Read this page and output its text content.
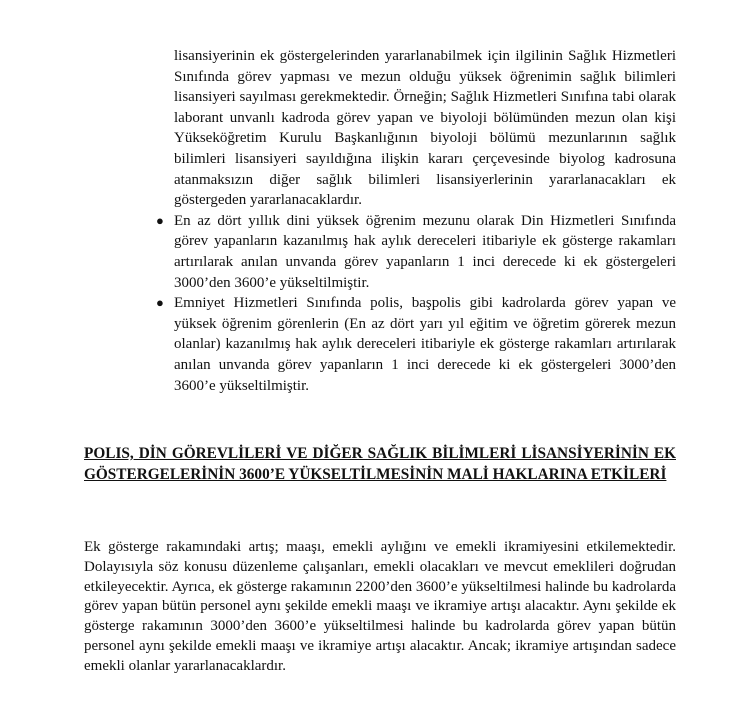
lisansiyerinin ek göstergelerinden yararlanabilmek için ilgilinin Sağlık Hizmetleri Sınıfında görev yapması ve mezun olduğu yüksek öğrenimin sağlık bilimleri lisansiyeri sayılması gerekmektedir. Örneğin; Sağlık Hizmetleri Sınıfına tabi olarak laborant unvanlı kadroda görev yapan ve biyoloji bölümünden mezun olan kişi Yükseköğretim Kurulu Başkanlığının biyoloji bölümü mezunlarının sağlık bilimleri lisansiyeri sayıldığına ilişkin kararı çerçevesinde biyolog kadrosuna atanmaksızın diğer sağlık bilimleri lisansiyerlerinin yararlanacakları ek göstergeden yararlanacaklardır.

● En az dört yıllık dini yüksek öğrenim mezunu olarak Din Hizmetleri Sınıfında görev yapanların kazanılmış hak aylık dereceleri itibariyle ek gösterge rakamları artırılarak anılan unvanda görev yapanların 1 inci derecede ki ek göstergeleri 3000’den 3600’e yükseltilmiştir.
● Emniyet Hizmetleri Sınıfında polis, başpolis gibi kadrolarda görev yapan ve yüksek öğrenim görenlerin (En az dört yarı yıl eğitim ve öğretim görerek mezun olanlar) kazanılmış hak aylık dereceleri itibariyle ek gösterge rakamları artırılarak anılan unvanda görev yapanların 1 inci derecede ki ek göstergeleri 3000’den 3600’e yükseltilmiştir.
POLIS, DİN GÖREVLİLERİ VE DİĞER SAĞLIK BİLİMLERİ LİSANSİYERİNİN EK GÖSTERGELERİNİN 3600’E YÜKSELTİLMESİNİN MALİ HAKLARINA ETKİLERİ

Ek gösterge rakamındaki artış; maaşı, emekli aylığını ve emekli ikramiyesini etkilemektedir. Dolayısıyla söz konusu düzenleme çalışanları, emekli olacakları ve mevcut emeklileri doğrudan etkileyecektir. Ayrıca, ek gösterge rakamının 2200’den 3600’e yükseltilmesi halinde bu kadrolarda görev yapan bütün personel aynı şekilde emekli maaşı ve ikramiye artışı alacaktır. Aynı şekilde ek gösterge rakamının 3000’den 3600’e yükseltilmesi halinde bu kadrolarda görev yapan bütün personel aynı şekilde emekli maaşı ve ikramiye artışı alacaktır. Ancak; ikramiye artışından sadece emekli olanlar yararlanacaklardır.
